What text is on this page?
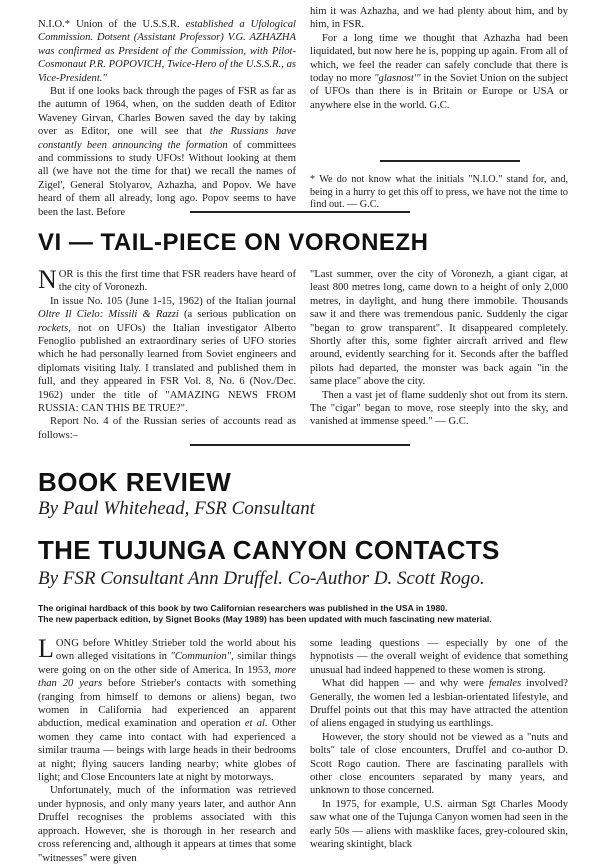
N.I.O.* Union of the U.S.S.R. established a Ufological Commission. Dotsent (Assistant Professor) V.G. AZHAZHA was confirmed as President of the Commission, with Pilot-Cosmonaut P.R. POPOVICH, Twice-Hero of the U.S.S.R., as Vice-President."

But if one looks back through the pages of FSR as far as the autumn of 1964, when, on the sudden death of Editor Waveney Girvan, Charles Bowen saved the day by taking over as Editor, one will see that the Russians have constantly been announcing the formation of committees and commissions to study UFOs! Without looking at them all (we have not the time for that) we recall the names of Zigel', General Stolyarov, Azhazha, and Popov. We have heard of them all already, long ago. Popov seems to have been the last. Before

him it was Azhazha, and we had plenty about him, and by him, in FSR.

For a long time we thought that Azhazha had been liquidated, but now here he is, popping up again. From all of which, we feel the reader can safely conclude that there is today no more "glasnost'" in the Soviet Union on the subject of UFOs than there is in Britain or Europe or USA or anywhere else in the world. G.C.

* We do not know what the initials "N.I.O." stand for, and, being in a hurry to get this off to press, we have not the time to find out. — G.C.

VI — TAIL-PIECE ON VORONEZH

NOR is this the first time that FSR readers have heard of the city of Voronezh.

In issue No. 105 (June 1-15, 1962) of the Italian journal Oltre Il Cielo: Missili & Razzi (a serious publication on rockets, not on UFOs) the Italian investigator Alberto Fenoglio published an extraordinary series of UFO stories which he had personally learned from Soviet engineers and diplomats visiting Italy. I translated and published them in full, and they appeared in FSR Vol. 8, No. 6 (Nov./Dec. 1962) under the title of "AMAZING NEWS FROM RUSSIA: CAN THIS BE TRUE?".

Report No. 4 of the Russian series of accounts read as follows:–

"Last summer, over the city of Voronezh, a giant cigar, at least 800 metres long, came down to a height of only 2,000 metres, in daylight, and hung there immobile. Thousands saw it and there was tremendous panic. Suddenly the cigar "began to grow transparent". It disappeared completely. Shortly after this, some fighter aircraft arrived and flew around, evidently searching for it. Seconds after the baffled pilots had departed, the monster was back again "in the same place" above the city.

Then a vast jet of flame suddenly shot out from its stern. The "cigar" began to move, rose steeply into the sky, and vanished at immense speed." — G.C.

BOOK REVIEW

By Paul Whitehead, FSR Consultant

THE TUJUNGA CANYON CONTACTS

By FSR Consultant Ann Druffel. Co-Author D. Scott Rogo.

The original hardback of this book by two Californian researchers was published in the USA in 1980.
The new paperback edition, by Signet Books (May 1989) has been updated with much fascinating new material.

LONG before Whitley Strieber told the world about his own alleged visitations in "Communion", similar things were going on on the other side of America. In 1953, more than 20 years before Strieber's contacts with something (ranging from himself to demons or aliens) began, two women in California had experienced an apparent abduction, medical examination and operation et al. Other women they came into contact with had experienced a similar trauma — beings with large heads in their bedrooms at night; flying saucers landing nearby; white globes of light; and Close Encounters late at night by motorways.

Unfortunately, much of the information was retrieved under hypnosis, and only many years later, and author Ann Druffel recognises the problems associated with this approach. However, she is thorough in her research and cross referencing and, although it appears at times that some "witnesses" were given

some leading questions — especially by one of the hypnotists — the overall weight of evidence that something unusual had indeed happened to these women is strong.

What did happen — and why were females involved? Generally, the women led a lesbian-orientated lifestyle, and Druffel points out that this may have attracted the attention of aliens engaged in studying us earthlings.

However, the story should not be viewed as a "nuts and bolts" tale of close encounters, Druffel and co-author D. Scott Rogo caution. There are fascinating parallels with other close encounters separated by many years, and unknown to those concerned.

In 1975, for example, U.S. airman Sgt Charles Moody saw what one of the Tujunga Canyon women had seen in the early 50s — aliens with masklike faces, grey-coloured skin, wearing skintight, black
